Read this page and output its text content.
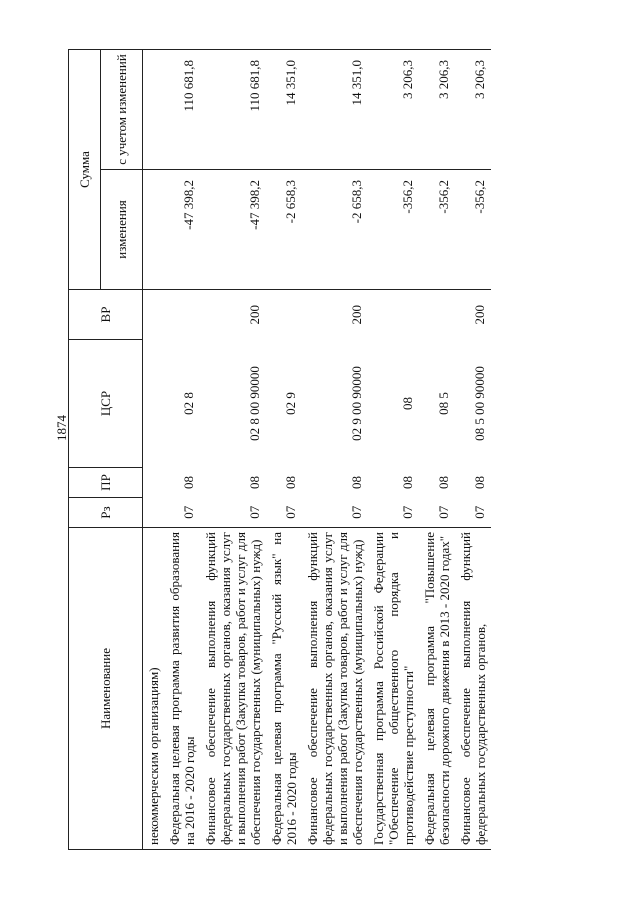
1874
Наименование	Рз	ПР	ЦСР	ВР	Сумма	
					изменения	с учетом изменений
некоммерческим организациям)						
Федеральная целевая программа развития образования на 2016 - 2020 годы	07	08	02 8		-47 398,2	110 681,8
Финансовое обеспечение выполнения функций федеральных государственных органов, оказания услуг и выполнения работ (Закупка товаров, работ и услуг для обеспечения государственных (муниципальных) нужд)	07	08	02 8 00 90000	200	-47 398,2	110 681,8
Федеральная целевая программа "Русский язык" на 2016 - 2020 годы	07	08	02 9		-2 658,3	14 351,0
Финансовое обеспечение выполнения функций федеральных государственных органов, оказания услуг и выполнения работ (Закупка товаров, работ и услуг для обеспечения государственных (муниципальных) нужд)	07	08	02 9 00 90000	200	-2 658,3	14 351,0
Государственная программа Российской Федерации "Обеспечение общественного порядка и противодействие преступности"	07	08	08		-356,2	3 206,3
Федеральная целевая программа "Повышение безопасности дорожного движения в 2013 - 2020 годах"	07	08	08 5		-356,2	3 206,3
Финансовое обеспечение выполнения функций федеральных государственных органов,	07	08	08 5 00 90000	200	-356,2	3 206,3
